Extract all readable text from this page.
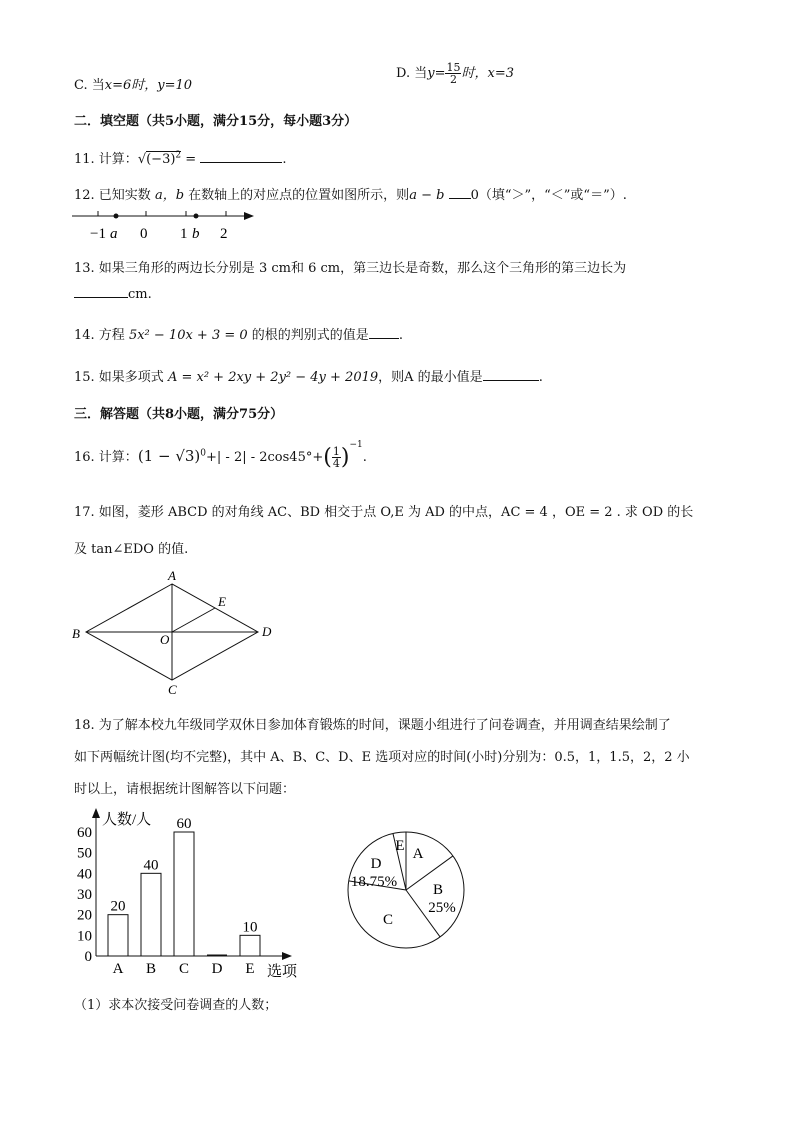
C. 当x=6时，y=10
D. 当$y= \frac{15}{2}$ 时，x=3
二．填空题（共5小题，满分15分，每小题3分）
11. 计算：$√(-3)^2$ =	.
12. 已知实数 a，b 在数轴上的对应点的位置如图所示，则a − b 0（填“＞”，“＜”或“＝”）.
−1 a 0 1 b 2
13. 如果三角形的两边长分别是 3 cm和 6 cm，第三边长是奇数，那么这个三角形的第三边长为
cm.
14. 方程 5x² − 10x + 3 = 0 的根的判别式的值是 .
15. 如果多项式 A = x² + 2xy + 2y² − 4y + 2019，则A 的最小值是	.
三．解答题（共8小题，满分75分）
16. 计算：$(1 - √3)^0+| - 2| - 2\cos 45^\circ+( \frac{1}{4} )^{-1}$.
17. 如图，菱形 ABCD 的对角线 AC、BD 相交于点 O,E 为 AD 的中点，AC = 4 ，OE = 2 . 求 OD 的长
及 tan∠EDO 的值.
A
B
C
D
E
O
18. 为了解本校九年级同学双休日参加体育锻炼的时间，课题小组进行了问卷调查，并用调查结果绘制了
如下两幅统计图(均不完整)，其中 A、B、C、D、E 选项对应的时间(小时)分别为：0.5，1，1.5，2，2 小
时以上，请根据统计图解答以下问题：
0
10
20
30
40
50
60
人数/人
20
A
40
B
60
C D
10
E 选项
A
B
25%
C
D
18.75%
E
（1）求本次接受问卷调查的人数；
